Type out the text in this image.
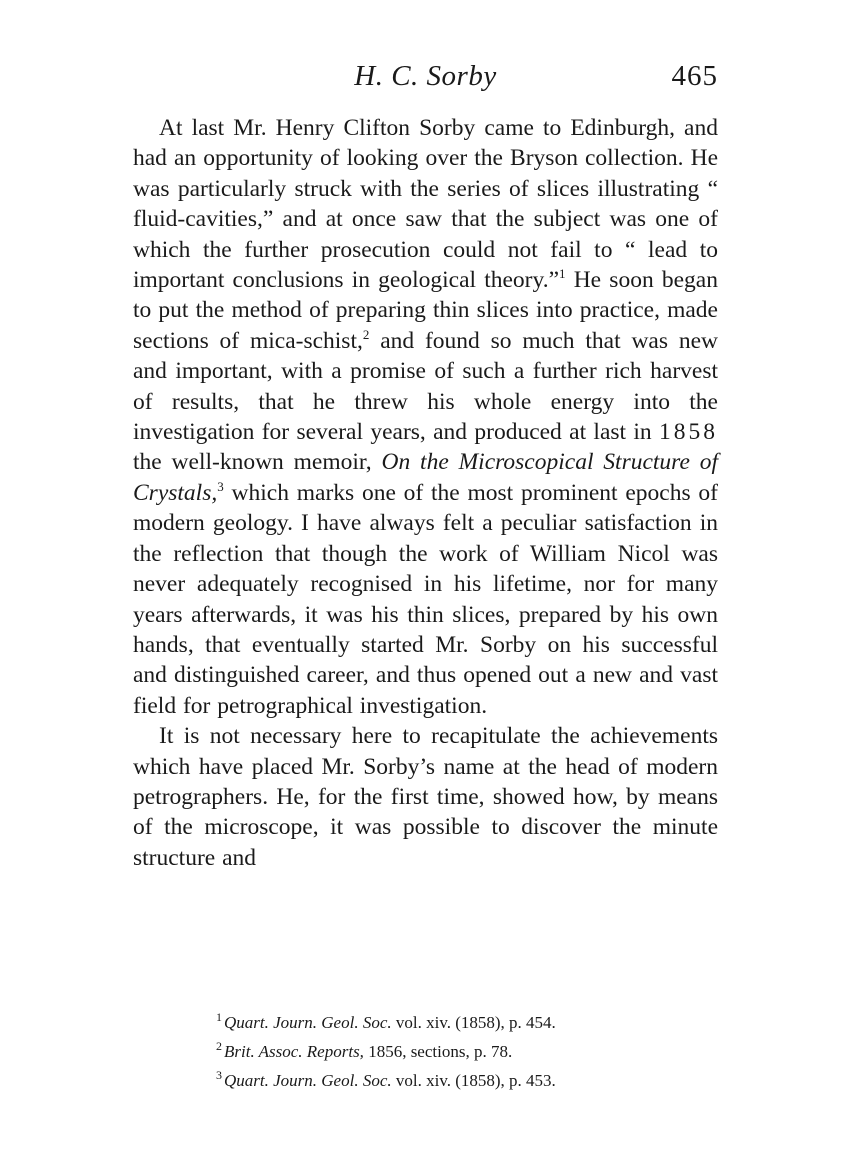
H. C. Sorby	465

At last Mr. Henry Clifton Sorby came to Edinburgh, and had an opportunity of looking over the Bryson collection. He was particularly struck with the series of slices illustrating “ fluid-cavities,” and at once saw that the subject was one of which the further prosecution could not fail to “ lead to important conclusions in geological theory.”$^1$ He soon began to put the method of preparing thin slices into practice, made sections of mica-schist,$^2$ and found so much that was new and important, with a promise of such a further rich harvest of results, that he threw his whole energy into the investigation for several years, and produced at last in 1858 the well-known memoir, On the Microscopical Structure of Crystals,$^3$ which marks one of the most prominent epochs of modern geology. I have always felt a peculiar satisfaction in the reflection that though the work of William Nicol was never adequately recognised in his lifetime, nor for many years afterwards, it was his thin slices, prepared by his own hands, that eventually started Mr. Sorby on his successful and distinguished career, and thus opened out a new and vast field for petrographical investigation.

It is not necessary here to recapitulate the achievements which have placed Mr. Sorby’s name at the head of modern petrographers. He, for the first time, showed how, by means of the microscope, it was possible to discover the minute structure and

$^1$ Quart. Journ. Geol. Soc. vol. xiv. (1858), p. 454.
$^2$ Brit. Assoc. Reports, 1856, sections, p. 78.
$^3$ Quart. Journ. Geol. Soc. vol. xiv. (1858), p. 453.
